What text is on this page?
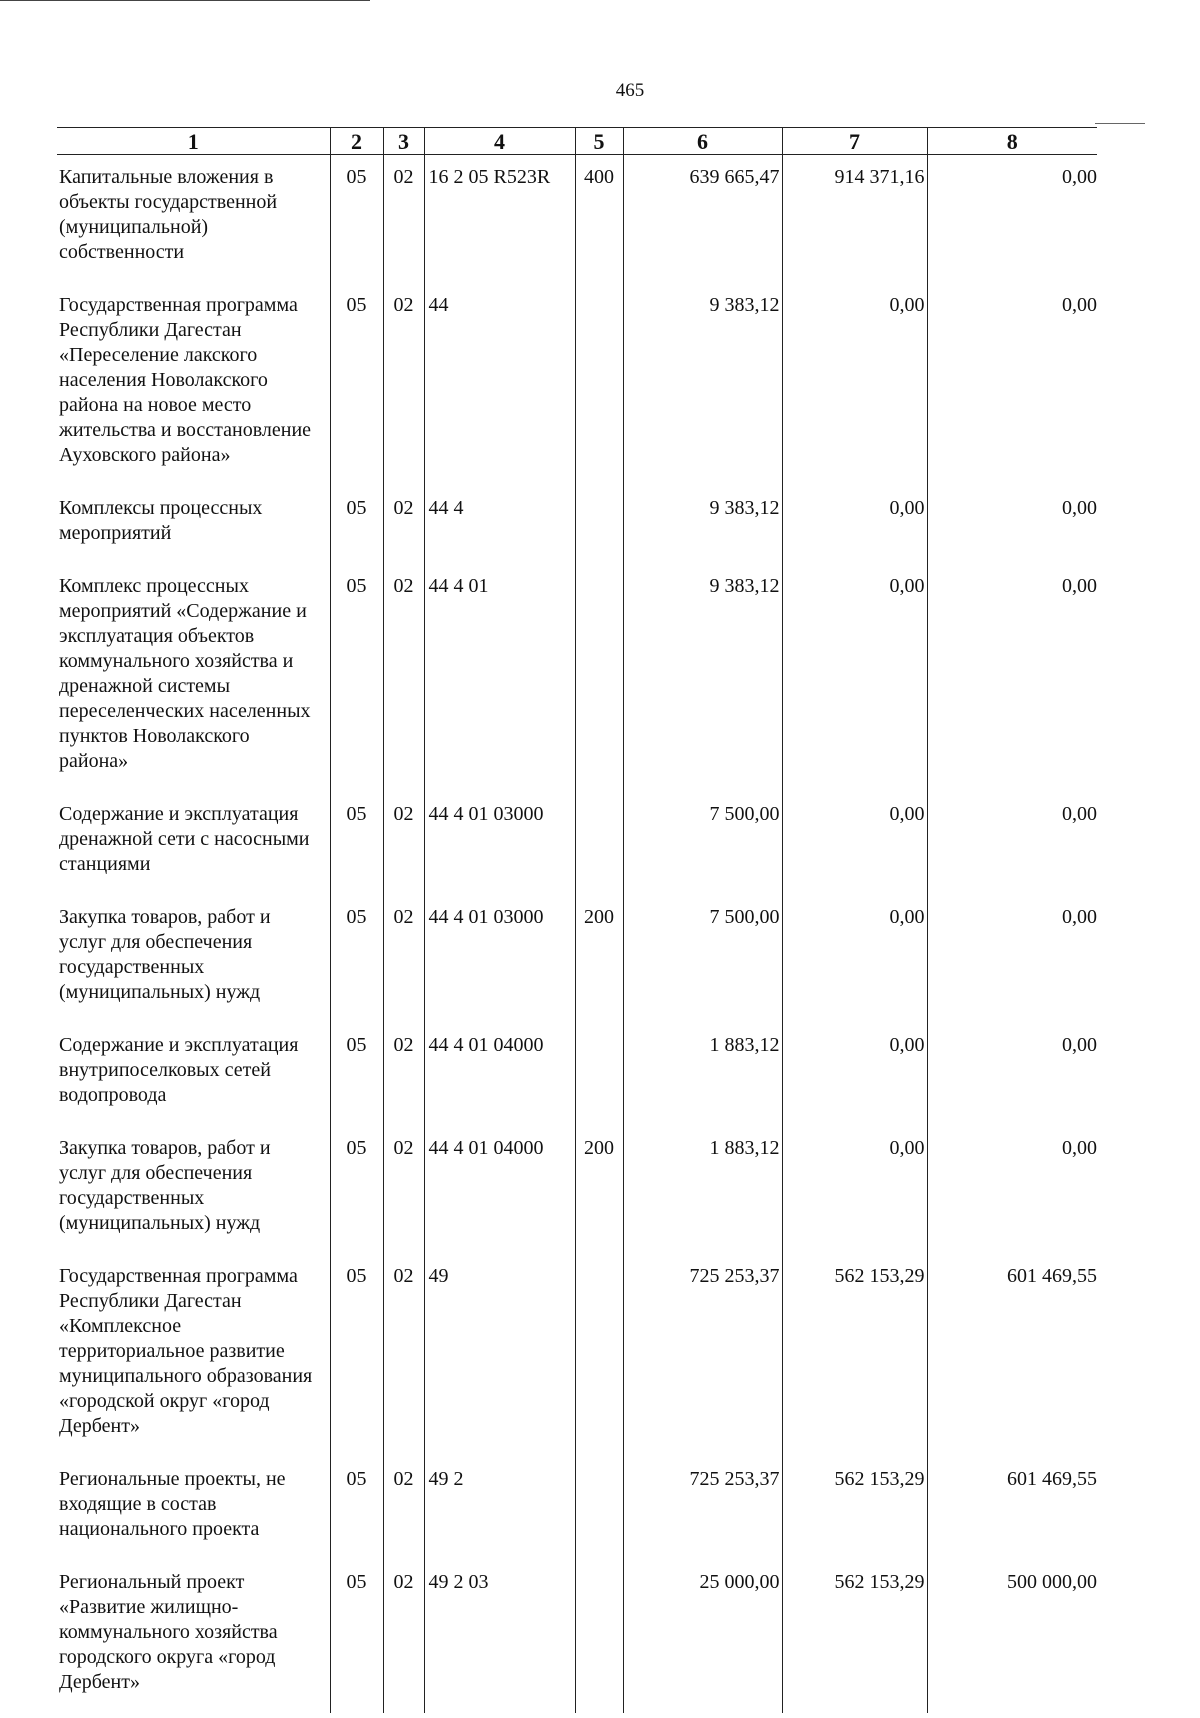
465
1	2	3	4	5	6	7	8
Капитальные вложения в объекты государственной (муниципальной) собственности	05	02	16 2 05 R523R	400	639 665,47	914 371,16	0,00
Государственная программа Республики Дагестан «Переселение лакского населения Новолакского района на новое место жительства и восстановление Ауховского района»	05	02	44		9 383,12	0,00	0,00
Комплексы процессных мероприятий	05	02	44 4		9 383,12	0,00	0,00
Комплекс процессных мероприятий «Содержание и эксплуатация объектов коммунального хозяйства и дренажной системы переселенческих населенных пунктов Новолакского района»	05	02	44 4 01		9 383,12	0,00	0,00
Содержание и эксплуатация дренажной сети с насосными станциями	05	02	44 4 01 03000		7 500,00	0,00	0,00
Закупка товаров, работ и услуг для обеспечения государственных (муниципальных) нужд	05	02	44 4 01 03000	200	7 500,00	0,00	0,00
Содержание и эксплуатация внутрипоселковых сетей водопровода	05	02	44 4 01 04000		1 883,12	0,00	0,00
Закупка товаров, работ и услуг для обеспечения государственных (муниципальных) нужд	05	02	44 4 01 04000	200	1 883,12	0,00	0,00
Государственная программа Республики Дагестан «Комплексное территориальное развитие муниципального образования «городской округ «город Дербент»	05	02	49		725 253,37	562 153,29	601 469,55
Региональные проекты, не входящие в состав национального проекта	05	02	49 2		725 253,37	562 153,29	601 469,55
Региональный проект «Развитие жилищно-коммунального хозяйства городского округа «город Дербент»	05	02	49 2 03		25 000,00	562 153,29	500 000,00
